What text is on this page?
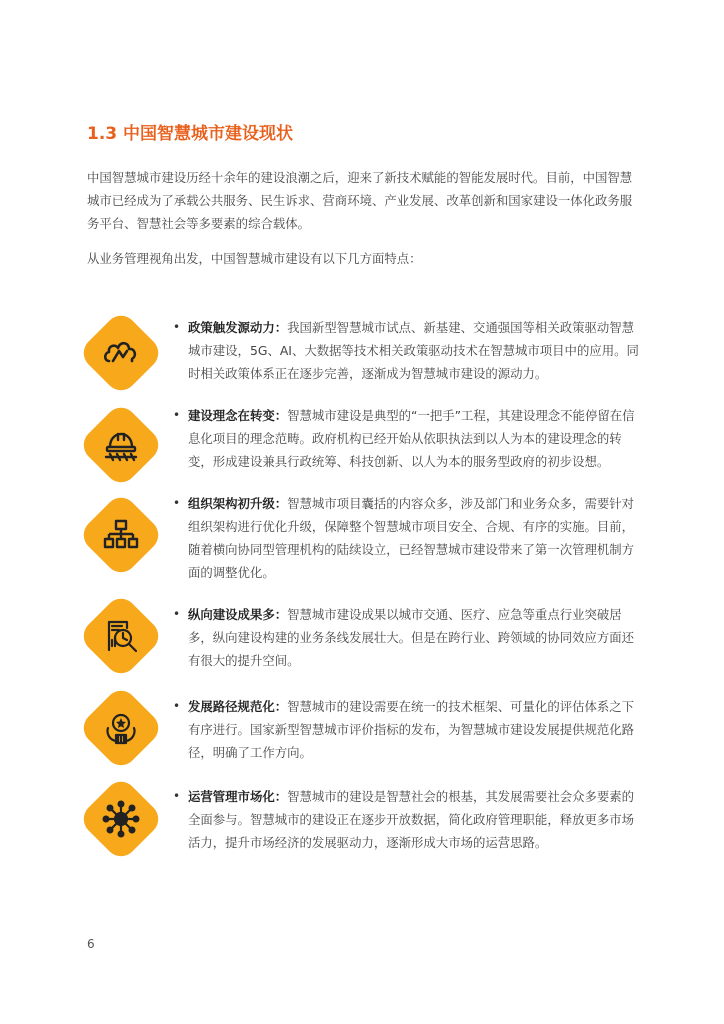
1.3 中国智慧城市建设现状

中国智慧城市建设历经十余年的建设浪潮之后，迎来了新技术赋能的智能发展时代。目前，中国智慧城市已经成为了承载公共服务、民生诉求、营商环境、产业发展、改革创新和国家建设一体化政务服务平台、智慧社会等多要素的综合载体。

从业务管理视角出发，中国智慧城市建设有以下几方面特点：

• 政策触发源动力：我国新型智慧城市试点、新基建、交通强国等相关政策驱动智慧城市建设，5G、AI、大数据等技术相关政策驱动技术在智慧城市项目中的应用。同时相关政策体系正在逐步完善，逐渐成为智慧城市建设的源动力。

• 建设理念在转变：智慧城市建设是典型的“一把手”工程，其建设理念不能停留在信息化项目的理念范畴。政府机构已经开始从依职执法到以人为本的建设理念的转变，形成建设兼具行政统筹、科技创新、以人为本的服务型政府的初步设想。

• 组织架构初升级：智慧城市项目囊括的内容众多，涉及部门和业务众多，需要针对组织架构进行优化升级，保障整个智慧城市项目安全、合规、有序的实施。目前，随着横向协同型管理机构的陆续设立，已经智慧城市建设带来了第一次管理机制方面的调整优化。

• 纵向建设成果多：智慧城市建设成果以城市交通、医疗、应急等重点行业突破居多，纵向建设构建的业务条线发展壮大。但是在跨行业、跨领域的协同效应方面还有很大的提升空间。

• 发展路径规范化：智慧城市的建设需要在统一的技术框架、可量化的评估体系之下有序进行。国家新型智慧城市评价指标的发布，为智慧城市建设发展提供规范化路径，明确了工作方向。

• 运营管理市场化：智慧城市的建设是智慧社会的根基，其发展需要社会众多要素的全面参与。智慧城市的建设正在逐步开放数据，简化政府管理职能，释放更多市场活力，提升市场经济的发展驱动力，逐渐形成大市场的运营思路。

6
